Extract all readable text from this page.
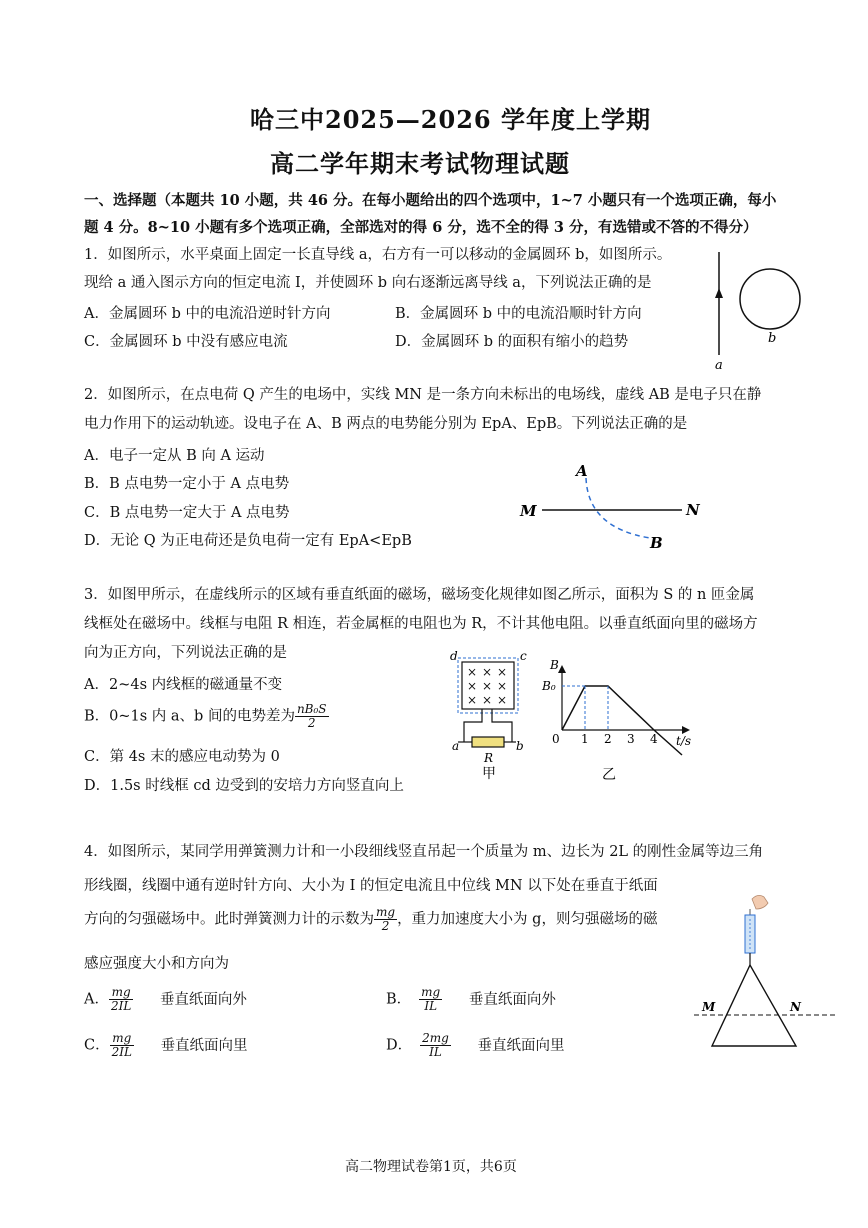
哈三中2025—2026 学年度上学期
高二学年期末考试物理试题
一、选择题（本题共 10 小题，共 46 分。在每小题给出的四个选项中，1~7 小题只有一个选项正确，每小
题 4 分。8~10 小题有多个选项正确，全部选对的得 6 分，选不全的得 3 分，有选错或不答的不得分）
1．如图所示，水平桌面上固定一长直导线 a，右方有一可以移动的金属圆环 b，如图所示。
现给 a 通入图示方向的恒定电流 I，并使圆环 b 向右逐渐远离导线 a，下列说法正确的是
A．金属圆环 b 中的电流沿逆时针方向	B．金属圆环 b 中的电流沿顺时针方向
C．金属圆环 b 中没有感应电流	D．金属圆环 b 的面积有缩小的趋势
a
b
2．如图所示，在点电荷 Q 产生的电场中，实线 MN 是一条方向未标出的电场线，虚线 AB 是电子只在静
电力作用下的运动轨迹。设电子在 A、B 两点的电势能分别为 EpA、EpB。下列说法正确的是
A．电子一定从 B 向 A 运动
B．B 点电势一定小于 A 点电势
C．B 点电势一定大于 A 点电势
D．无论 Q 为正电荷还是负电荷一定有 EpA<EpB
A
M	N
B
3．如图甲所示，在虚线所示的区域有垂直纸面的磁场，磁场变化规律如图乙所示，面积为 S 的 n 匝金属
线框处在磁场中。线框与电阻 R 相连，若金属框的电阻也为 R，不计其他电阻。以垂直纸面向里的磁场方
向为正方向，下列说法正确的是
A．2~4s 内线框的磁通量不变
B．0~1s 内 a、b 间的电势差为 $\frac{\text{nB₀S}}{2}$
C．第 4s 末的感应电动势为 0
D．1.5s 时线框 cd 边受到的安培力方向竖直向上
× × ×
× × ×
× × ×
d	c
a	b
R
甲
B
B₀
0 1 2 3 4 t/s
乙
4．如图所示，某同学用弹簧测力计和一小段细线竖直吊起一个质量为 m、边长为 2L 的刚性金属等边三角
形线圈，线圈中通有逆时针方向、大小为 I 的恒定电流且中位线 MN 以下处在垂直于纸面
方向的匀强磁场中。此时弹簧测力计的示数为 $\frac{mg}{2}$ ，重力加速度大小为 g，则匀强磁场的磁
感应强度大小和方向为
A． $\frac{mg}{2IL}$ 垂直纸面向外	B． $\frac{mg}{IL}$ 垂直纸面向外
C． $\frac{mg}{2IL}$ 垂直纸面向里	D． $\frac{2mg}{IL}$ 垂直纸面向里
M	N
高二物理试卷第1页，共6页
